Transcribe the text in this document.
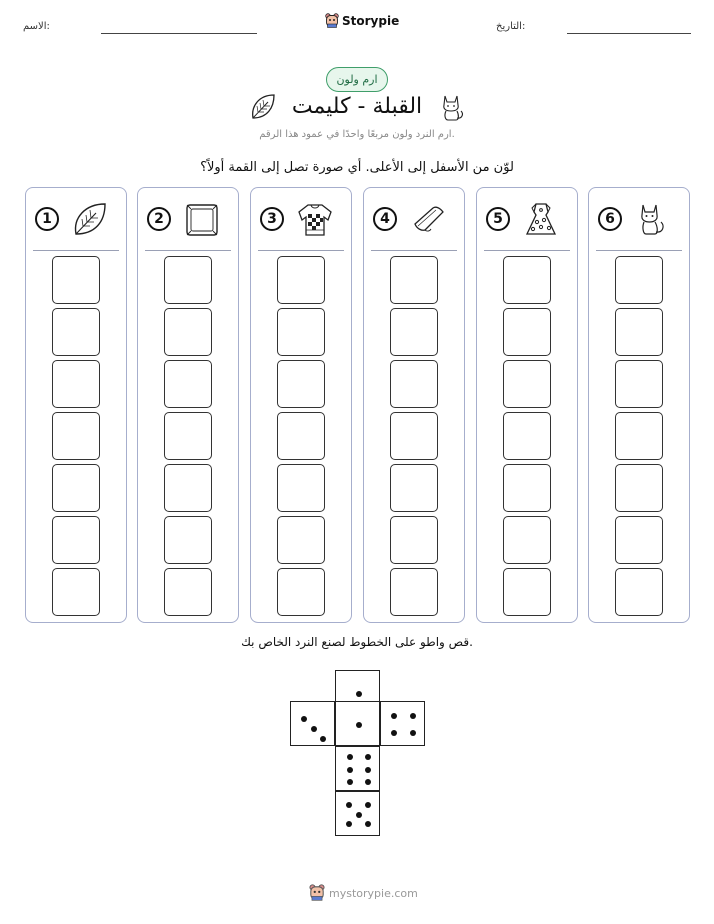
الاسم:	Storypie	التاريخ:
ارم ولون
القبلة - كليمت
ارم النرد ولون مربعًا واحدًا في عمود هذا الرقم.
لوّن من الأسفل إلى الأعلى. أي صورة تصل إلى القمة أولاً؟
1	2	3	4	5	6
قص واطو على الخطوط لصنع النرد الخاص بك.
mystorypie.com
